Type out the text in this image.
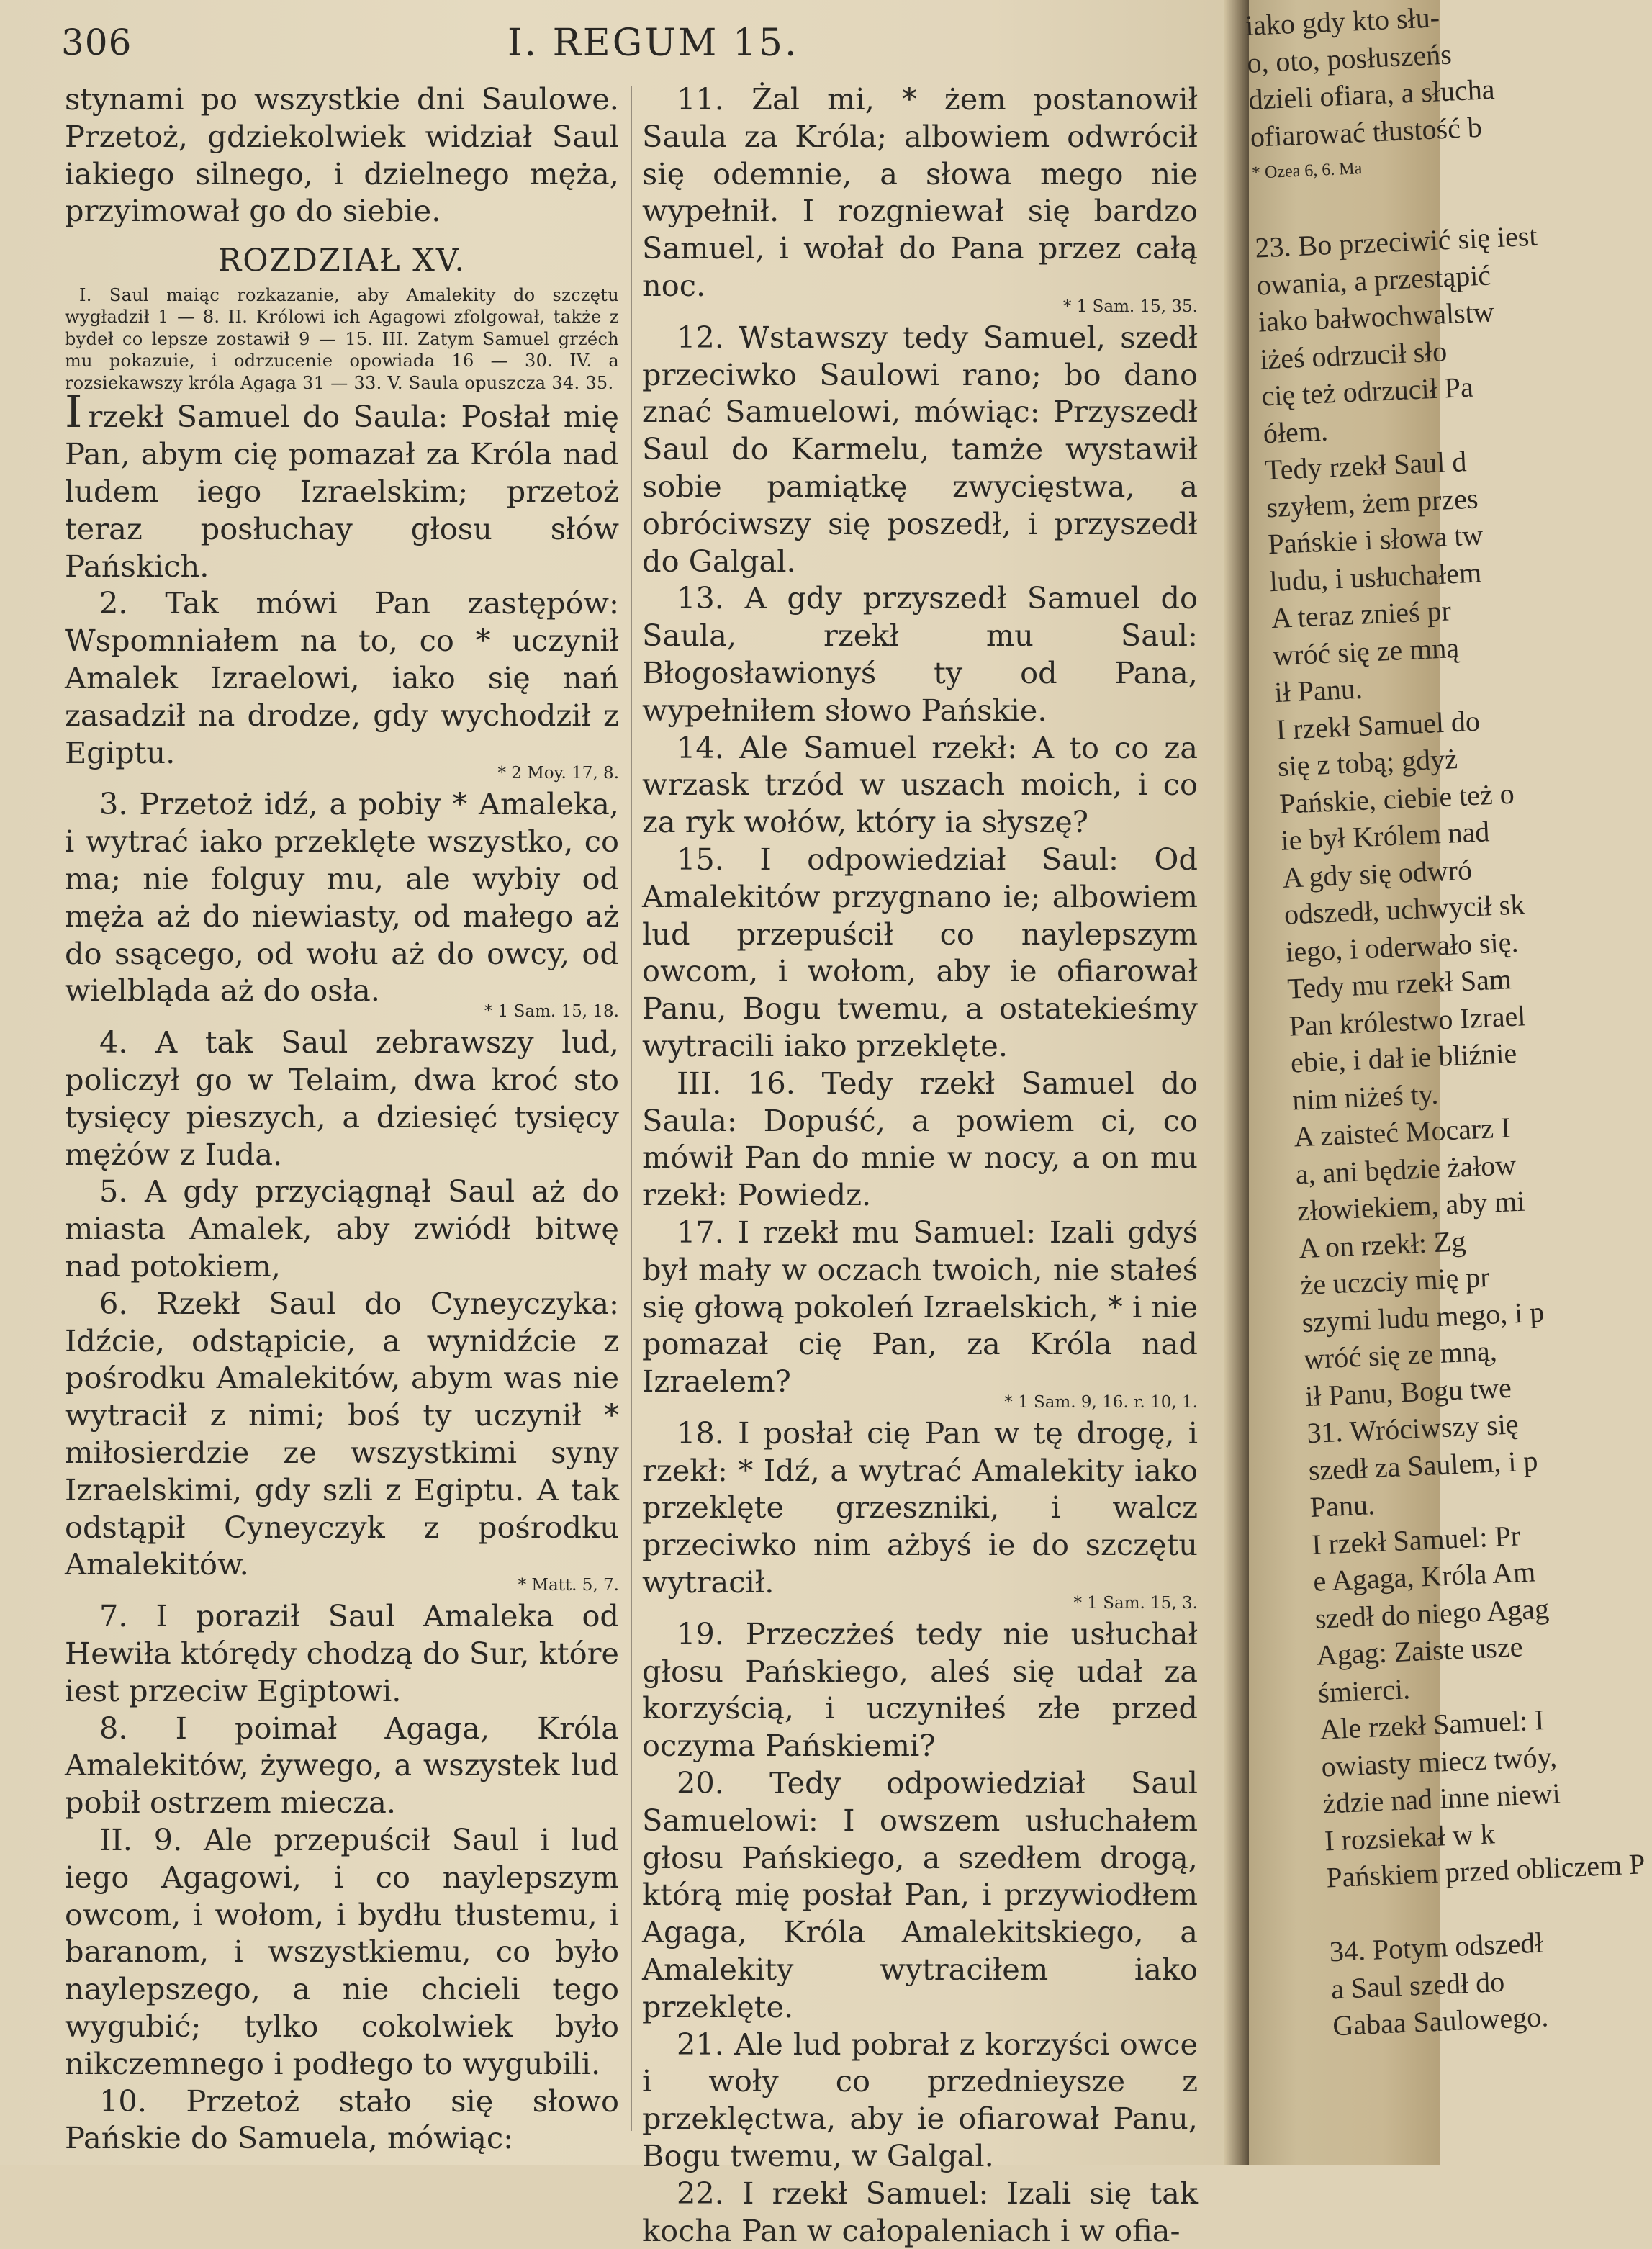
306	I. REGUM 15.

stynami po wszystkie dni Saulowe. Przetoż, gdziekolwiek widział Saul iakiego silnego, i dzielnego męża, przyimował go do siebie.

ROZDZIAŁ XV.

I. Saul maiąc rozkazanie, aby Amalekity do szczętu wygładził 1 — 8. II. Królowi ich Agagowi zfolgował, także z bydeł co lepsze zostawił 9 — 15. III. Zatym Samuel grzéch mu pokazuie, i odrzucenie opowiada 16 — 30. IV. a rozsiekawszy króla Agaga 31 — 33. V. Saula opuszcza 34. 35.

I rzekł Samuel do Saula: Posłał mię Pan, abym cię pomazał za Króla nad ludem iego Izraelskim; przetoż teraz posłuchay głosu słów Pańskich.

2. Tak mówi Pan zastępów: Wspomniałem na to, co * uczynił Amalek Izraelowi, iako się nań zasadził na drodze, gdy wychodził z Egiptu.

* 2 Moy. 17, 8.

3. Przetoż idź, a pobiy * Amaleka, i wytrać iako przeklęte wszystko, co ma; nie folguy mu, ale wybiy od męża aż do niewiasty, od małego aż do ssącego, od wołu aż do owcy, od wielbląda aż do osła.

* 1 Sam. 15, 18.

4. A tak Saul zebrawszy lud, policzył go w Telaim, dwa kroć sto tysięcy pieszych, a dziesięć tysięcy mężów z Iuda.

5. A gdy przyciągnął Saul aż do miasta Amalek, aby zwiódł bitwę nad potokiem,

6. Rzekł Saul do Cyneyczyka: Idźcie, odstąpicie, a wynidźcie z pośrodku Amalekitów, abym was nie wytracił z nimi; boś ty uczynił * miłosierdzie ze wszystkimi syny Izraelskimi, gdy szli z Egiptu. A tak odstąpił Cyneyczyk z pośrodku Amalekitów.

* Matt. 5, 7.

7. I poraził Saul Amaleka od Hewiła którędy chodzą do Sur, które iest przeciw Egiptowi.

8. I poimał Agaga, Króla Amalekitów, żywego, a wszystek lud pobił ostrzem miecza.

II. 9. Ale przepuścił Saul i lud iego Agagowi, i co naylepszym owcom, i wołom, i bydłu tłustemu, i baranom, i wszystkiemu, co było naylepszego, a nie chcieli tego wygubić; tylko cokolwiek było nikczemnego i podłego to wygubili.

10. Przetoż stało się słowo Pańskie do Samuela, mówiąc:

11. Żal mi, * żem postanowił Saula za Króla; albowiem odwrócił się odemnie, a słowa mego nie wypełnił. I rozgniewał się bardzo Samuel, i wołał do Pana przez całą noc.

* 1 Sam. 15, 35.

12. Wstawszy tedy Samuel, szedł przeciwko Saulowi rano; bo dano znać Samuelowi, mówiąc: Przyszedł Saul do Karmelu, tamże wystawił sobie pamiątkę zwycięstwa, a obróciwszy się poszedł, i przyszedł do Galgal.

13. A gdy przyszedł Samuel do Saula, rzekł mu Saul: Błogosławionyś ty od Pana, wypełniłem słowo Pańskie.

14. Ale Samuel rzekł: A to co za wrzask trzód w uszach moich, i co za ryk wołów, który ia słyszę?

15. I odpowiedział Saul: Od Amalekitów przygnano ie; albowiem lud przepuścił co naylepszym owcom, i wołom, aby ie ofiarował Panu, Bogu twemu, a ostatekieśmy wytracili iako przeklęte.

III. 16. Tedy rzekł Samuel do Saula: Dopuść, a powiem ci, co mówił Pan do mnie w nocy, a on mu rzekł: Powiedz.

17. I rzekł mu Samuel: Izali gdyś był mały w oczach twoich, nie stałeś się głową pokoleń Izraelskich, * i nie pomazał cię Pan, za Króla nad Izraelem?

* 1 Sam. 9, 16. r. 10, 1.

18. I posłał cię Pan w tę drogę, i rzekł: * Idź, a wytrać Amalekity iako przeklęte grzeszniki, i walcz przeciwko nim ażbyś ie do szczętu wytracił.

* 1 Sam. 15, 3.

19. Przeczżeś tedy nie usłuchał głosu Pańskiego, aleś się udał za korzyścią, i uczyniłeś złe przed oczyma Pańskiemi?

20. Tedy odpowiedział Saul Samuelowi: I owszem usłuchałem głosu Pańskiego, a szedłem drogą, którą mię posłał Pan, i przywiodłem Agaga, Króla Amalekitskiego, a Amalekity wytraciłem iako przeklęte.

21. Ale lud pobrał z korzyści owce i woły co przednieysze z przeklęctwa, aby ie ofiarował Panu, Bogu twemu, w Galgal.

22. I rzekł Samuel: Izali się tak kocha Pan w całopaleniach i w ofia-

iako gdy kto słu-
o, oto, posłuszeńs
dzieli ofiara, a słucha
ofiarować tłustość b
* Ozea 6, 6. Ma
23. Bo przeciwić się iest
owania, a przestąpić
iako bałwochwalstw
iżeś odrzucił sło
cię też odrzucił Pa
ółem.
Tedy rzekł Saul d
szyłem, żem przes
Pańskie i słowa tw
ludu, i usłuchałem
A teraz znieś pr
wróć się ze mną
ił Panu.
I rzekł Samuel do
się z tobą; gdyż
Pańskie, ciebie też o
ie był Królem nad
A gdy się odwró
odszedł, uchwycił sk
iego, i oderwało się.
Tedy mu rzekł Sam
Pan królestwo Izrael
ebie, i dał ie bliźnie
nim niżeś ty.
A zaisteć Mocarz I
a, ani będzie żałow
złowiekiem, aby mi
A on rzekł: Zg
że uczciy mię pr
szymi ludu mego, i p
wróć się ze mną,
ił Panu, Bogu twe
31. Wróciwszy się
szedł za Saulem, i p
Panu.
I rzekł Samuel: Pr
e Agaga, Króla Am
szedł do niego Agag
Agag: Zaiste usze
śmierci.
Ale rzekł Samuel: I
owiasty miecz twóy,
żdzie nad inne niewi
I rozsiekał w k
Pańskiem przed obliczem P
34. Potym odszedł
a Saul szedł do
Gabaa Saulowego.
